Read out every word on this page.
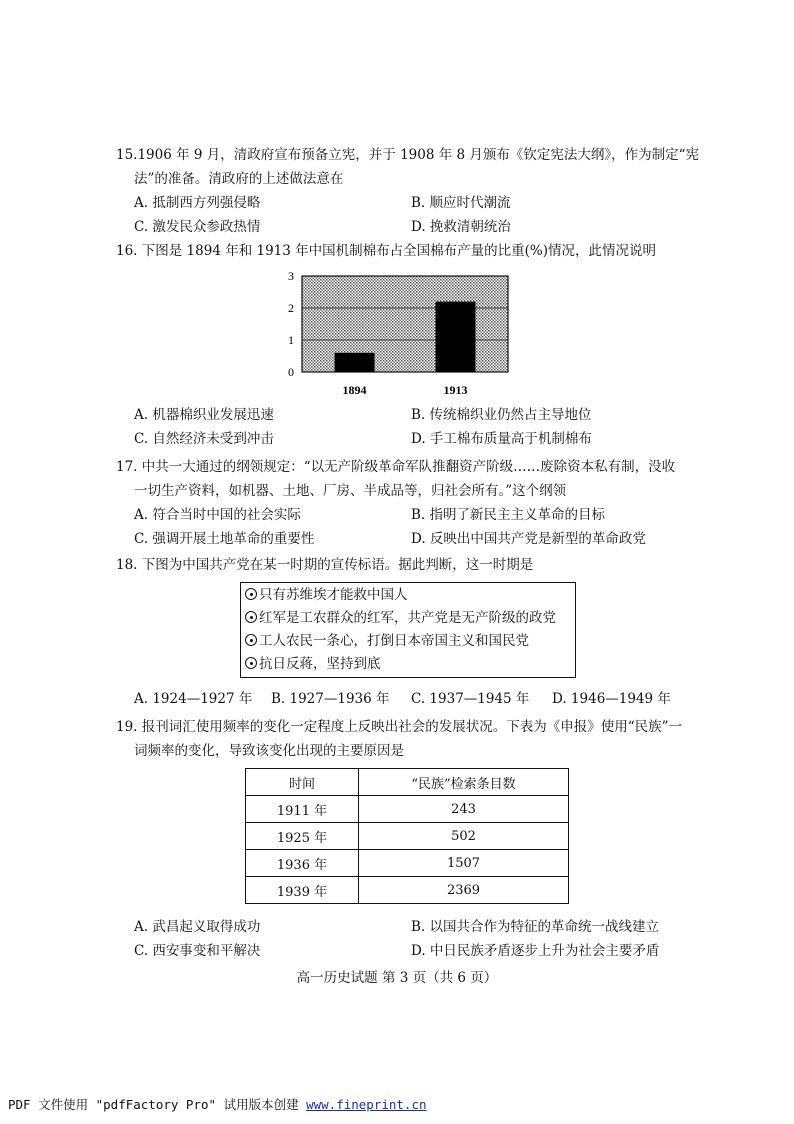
15.1906 年 9 月，清政府宣布预备立宪，并于 1908 年 8 月颁布《钦定宪法大纲》，作为制定“宪
法”的准备。清政府的上述做法意在
A. 抵制西方列强侵略	B. 顺应时代潮流
C. 激发民众参政热情	D. 挽救清朝统治
16. 下图是 1894 年和 1913 年中国机制棉布占全国棉布产量的比重(%)情况，此情况说明
0
1
2
3
1894	1913
A. 机器棉织业发展迅速	B. 传统棉织业仍然占主导地位
C. 自然经济未受到冲击	D. 手工棉布质量高于机制棉布
17. 中共一大通过的纲领规定：“以无产阶级革命军队推翻资产阶级……废除资本私有制，没收
一切生产资料，如机器、土地、厂房、半成品等，归社会所有。”这个纲领
A. 符合当时中国的社会实际	B. 指明了新民主主义革命的目标
C. 强调开展土地革命的重要性	D. 反映出中国共产党是新型的革命政党
18. 下图为中国共产党在某一时期的宣传标语。据此判断，这一时期是
只有苏维埃才能救中国人
红军是工农群众的红军，共产党是无产阶级的政党
工人农民一条心，打倒日本帝国主义和国民党
抗日反蒋，坚持到底
A. 1924—1927 年 B. 1927—1936 年 C. 1937—1945 年 D. 1946—1949 年
19. 报刊词汇使用频率的变化一定程度上反映出社会的发展状况。下表为《申报》使用“民族”一
词频率的变化，导致该变化出现的主要原因是
时间	“民族”检索条目数
1911 年	243
1925 年	502
1936 年	1507
1939 年	2369
A. 武昌起义取得成功	B. 以国共合作为特征的革命统一战线建立
C. 西安事变和平解决	D. 中日民族矛盾逐步上升为社会主要矛盾
高一历史试题 第 3 页（共 6 页）
PDF 文件使用 "pdfFactory Pro" 试用版本创建 www.fineprint.cn
